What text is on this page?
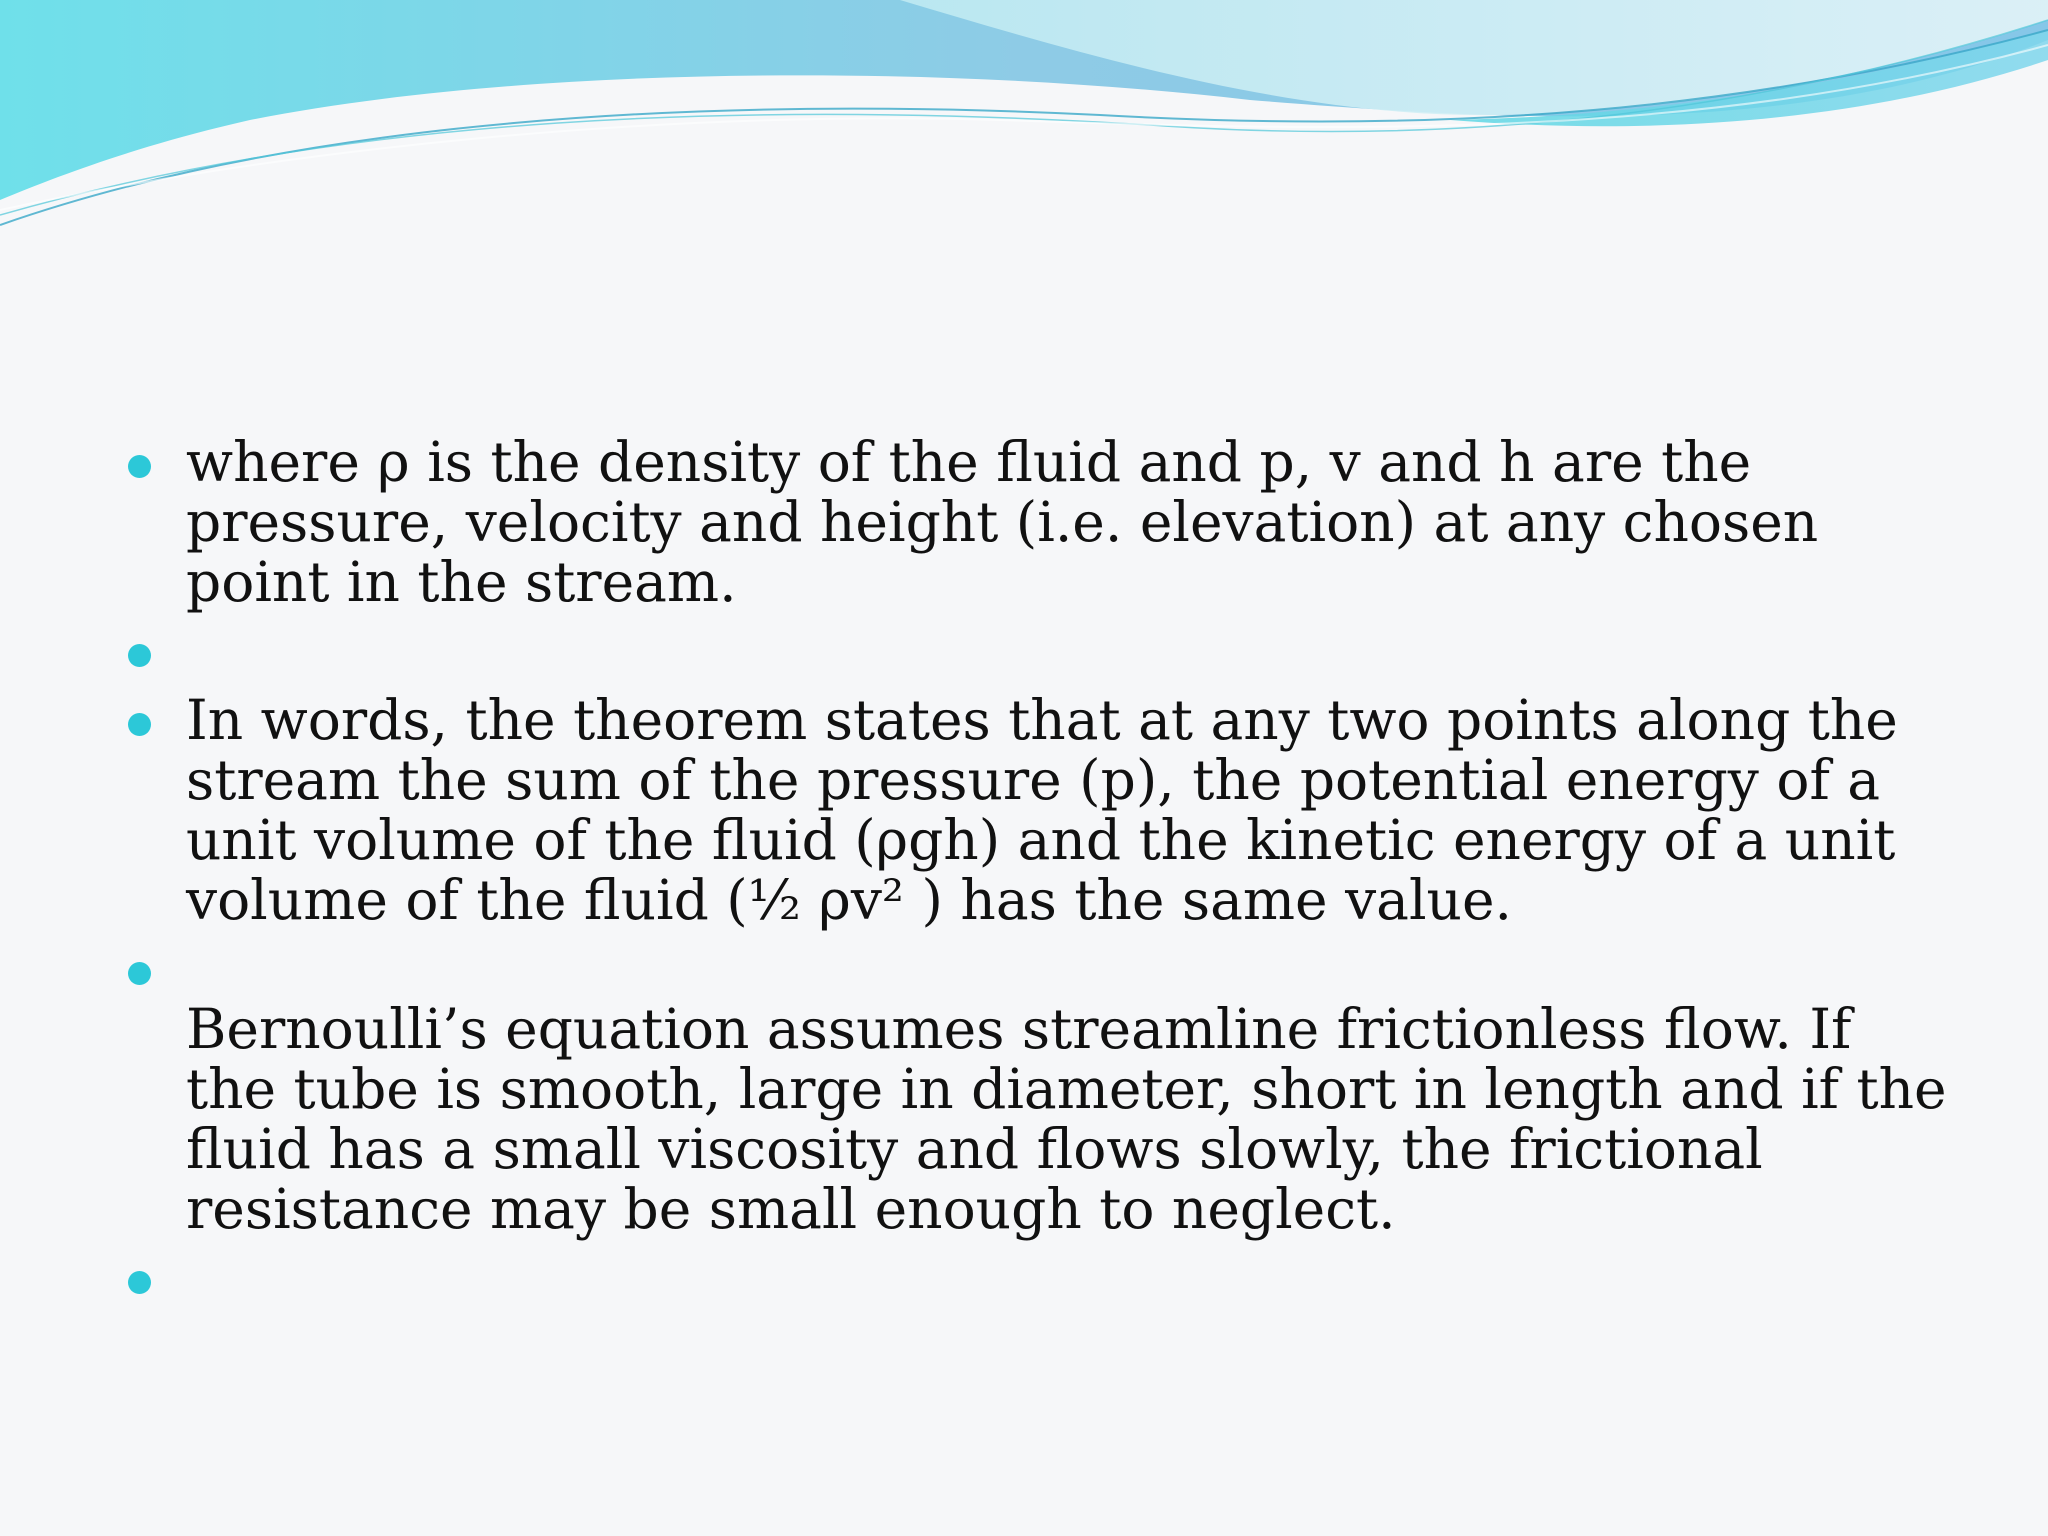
where ρ is the density of the fluid and p, v and h are the pressure, velocity and height (i.e. elevation) at any chosen point in the stream.
In words, the theorem states that at any two points along the stream the sum of the pressure (p), the potential energy of a unit volume of the fluid (ρgh) and the kinetic energy of a unit volume of the fluid (½ ρv² ) has the same value.
Bernoulli’s equation assumes streamline frictionless flow. If the tube is smooth, large in diameter, short in length and if the fluid has a small viscosity and flows slowly, the frictional resistance may be small enough to neglect.
